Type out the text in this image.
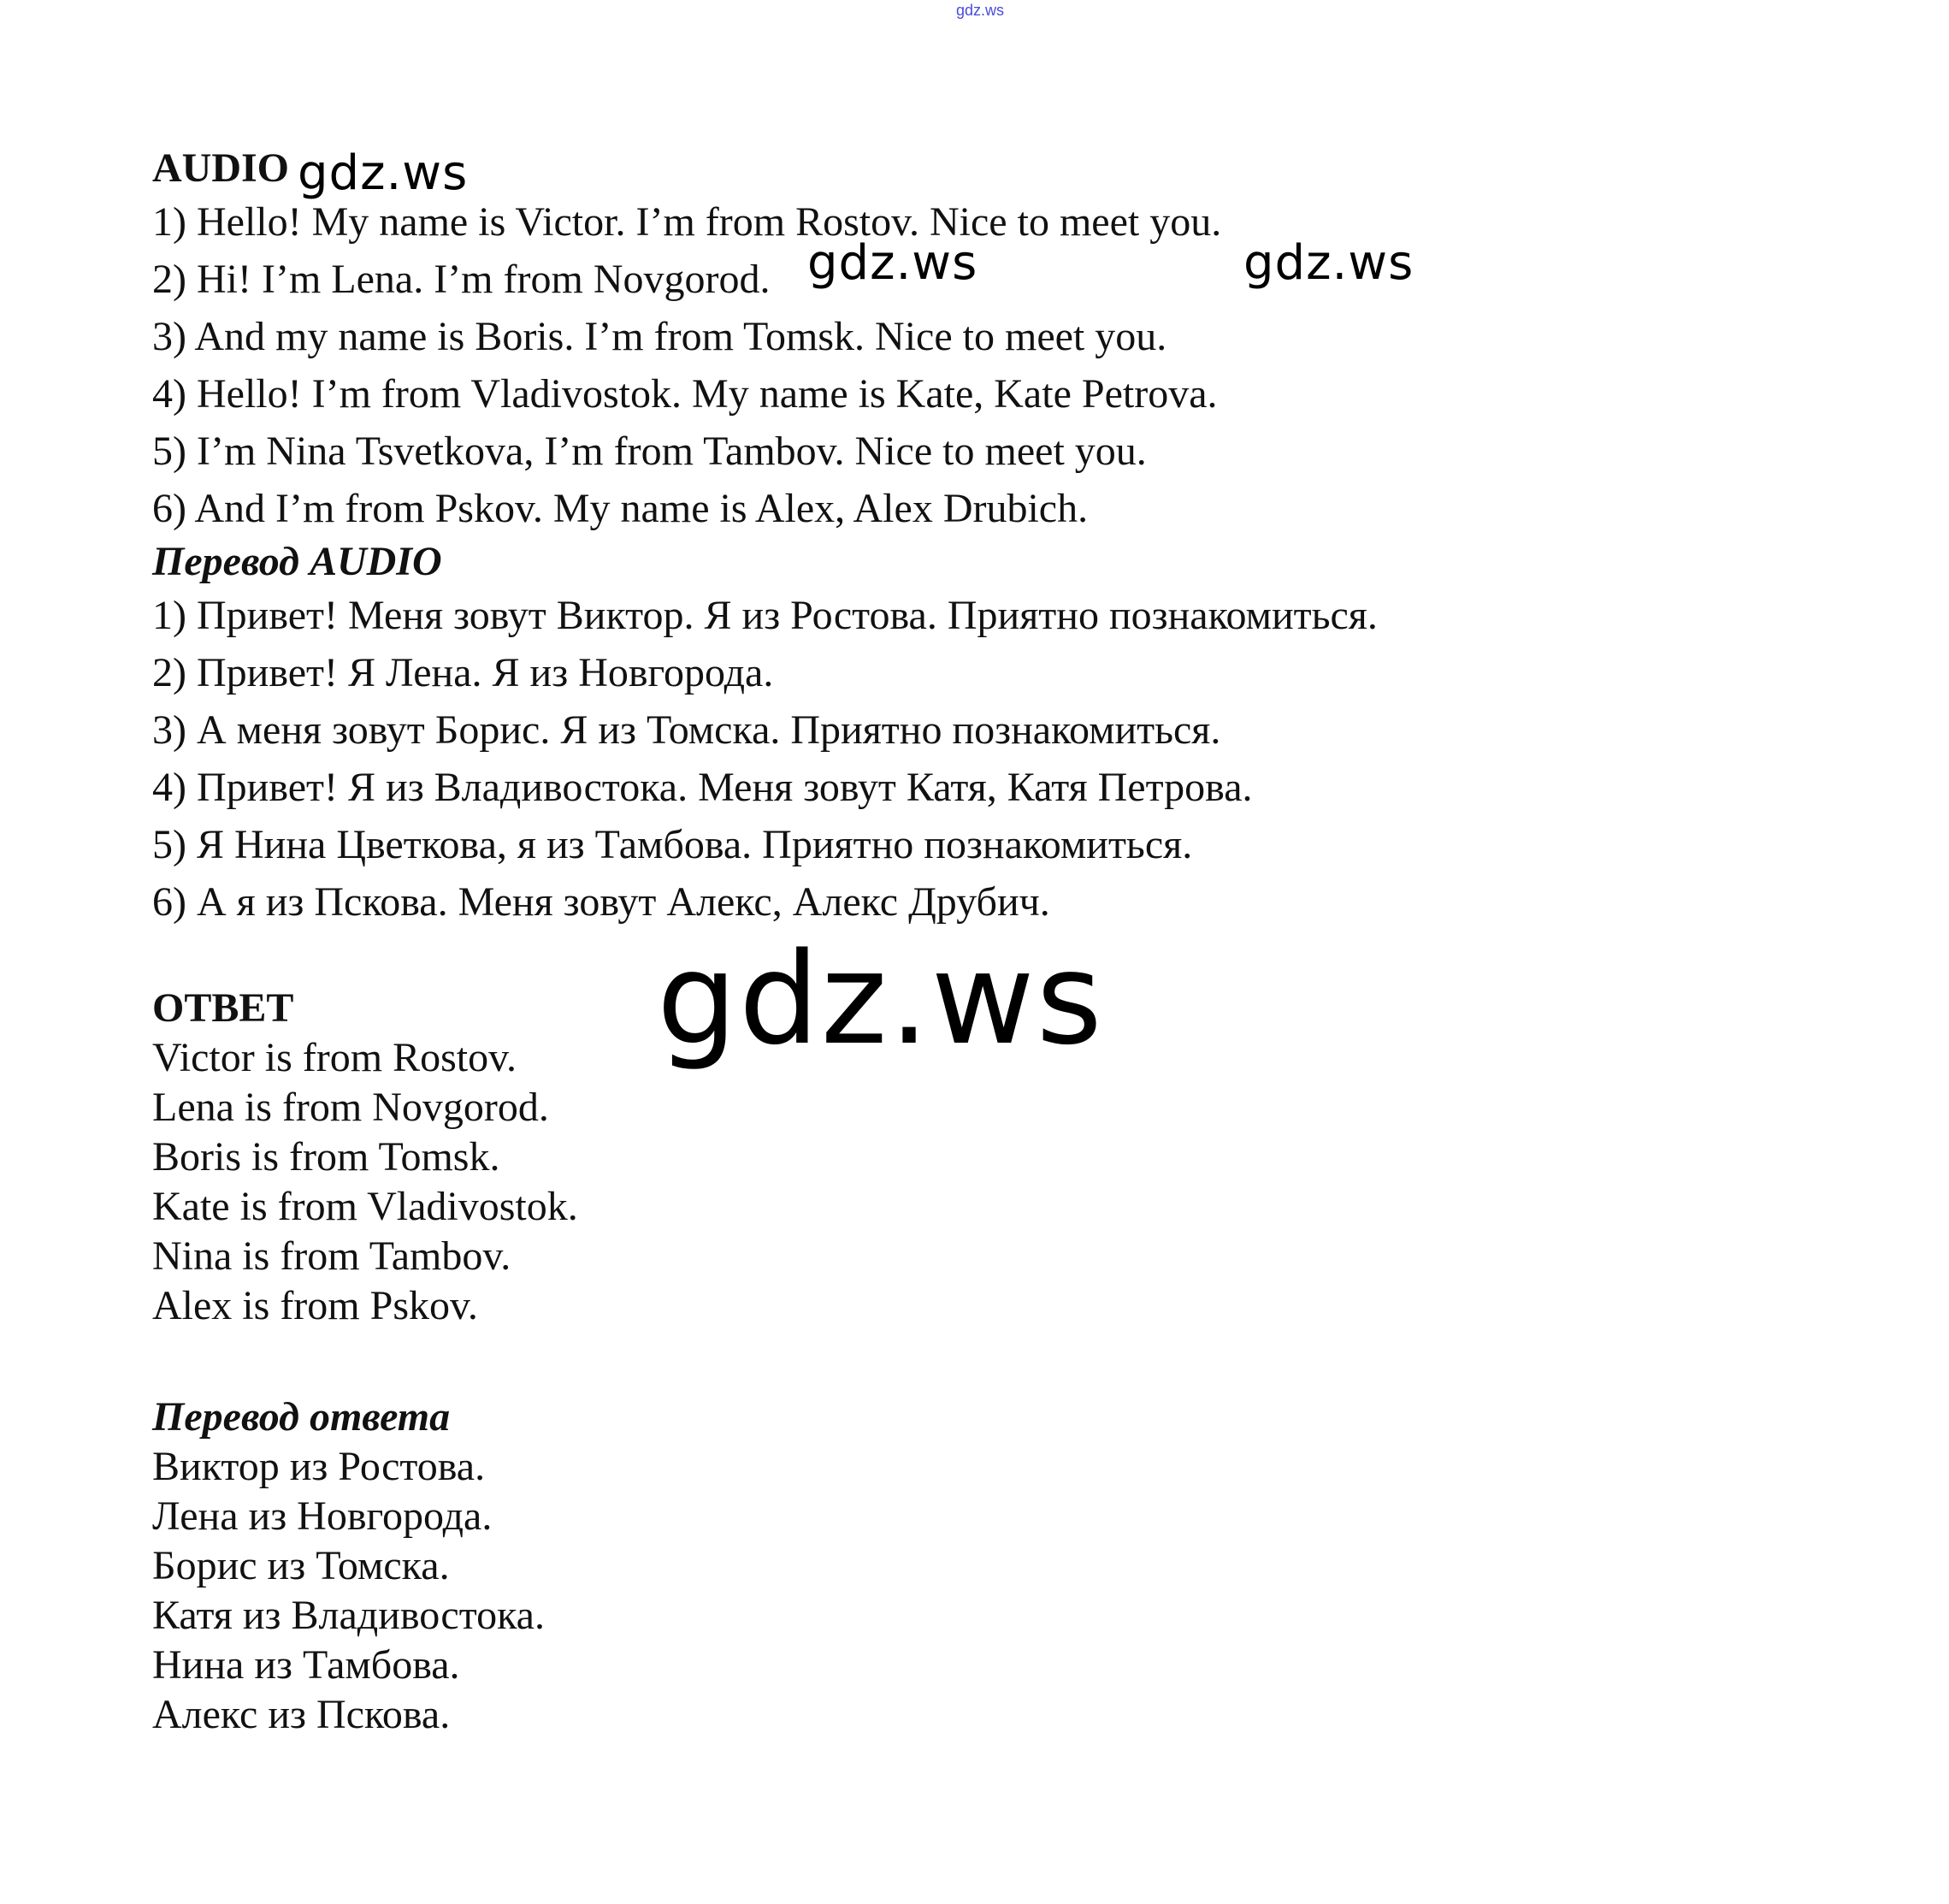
gdz.ws
AUDIO
1) Hello! My name is Victor. I’m from Rostov. Nice to meet you.
2) Hi! I’m Lena. I’m from Novgorod.
3) And my name is Boris. I’m from Tomsk. Nice to meet you.
4) Hello! I’m from Vladivostok. My name is Kate, Kate Petrova.
5) I’m Nina Tsvetkova, I’m from Tambov. Nice to meet you.
6) And I’m from Pskov. My name is Alex, Alex Drubich.
Перевод AUDIO
1) Привет! Меня зовут Виктор. Я из Ростова. Приятно познакомиться.
2) Привет! Я Лена. Я из Новгорода.
3) А меня зовут Борис. Я из Томска. Приятно познакомиться.
4) Привет! Я из Владивостока. Меня зовут Катя, Катя Петрова.
5) Я Нина Цветкова, я из Тамбова. Приятно познакомиться.
6) А я из Пскова. Меня зовут Алекс, Алекс Друбич.
ОТВЕТ
Victor is from Rostov.
Lena is from Novgorod.
Boris is from Tomsk.
Kate is from Vladivostok.
Nina is from Tambov.
Alex is from Pskov.
Перевод ответа
Виктор из Ростова.
Лена из Новгорода.
Борис из Томска.
Катя из Владивостока.
Нина из Тамбова.
Алекс из Пскова.
gdz.ws
gdz.ws	gdz.ws
gdz.ws
